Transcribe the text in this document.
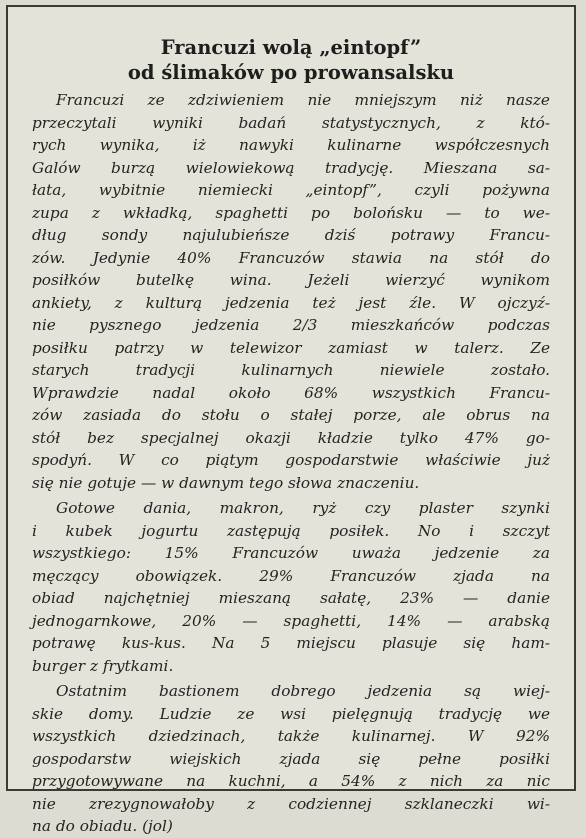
Francuzi wolą „eintopf”
od ślimaków po prowansalsku
Francuzi ze zdziwieniem nie mniejszym niż nasze
przeczytali wyniki badań statystycznych, z któ-
rych wynika, iż nawyki kulinarne współczesnych
Galów burzą wielowiekową tradycję. Mieszana sa-
łata, wybitnie niemiecki „eintopf”, czyli pożywna
zupa z wkładką, spaghetti po bolońsku — to we-
dług sondy najulubieńsze dziś potrawy Francu-
zów. Jedynie 40% Francuzów stawia na stół do
posiłków butelkę wina. Jeżeli wierzyć wynikom
ankiety, z kulturą jedzenia też jest źle. W ojczyź-
nie pysznego jedzenia 2/3 mieszkańców podczas
posiłku patrzy w telewizor zamiast w talerz. Ze
starych tradycji kulinarnych niewiele zostało.
Wprawdzie nadal około 68% wszystkich Francu-
zów zasiada do stołu o stałej porze, ale obrus na
stół bez specjalnej okazji kładzie tylko 47% go-
spodyń. W co piątym gospodarstwie właściwie już
się nie gotuje — w dawnym tego słowa znaczeniu.
Gotowe dania, makron, ryż czy plaster szynki
i kubek jogurtu zastępują posiłek. No i szczyt
wszystkiego: 15% Francuzów uważa jedzenie za
męczący obowiązek. 29% Francuzów zjada na
obiad najchętniej mieszaną sałatę, 23% — danie
jednogarnkowe, 20% — spaghetti, 14% — arabską
potrawę kus-kus. Na 5 miejscu plasuje się ham-
burger z frytkami.
Ostatnim bastionem dobrego jedzenia są wiej-
skie domy. Ludzie ze wsi pielęgnują tradycję we
wszystkich dziedzinach, także kulinarnej. W 92%
gospodarstw wiejskich zjada się pełne posiłki
przygotowywane na kuchni, a 54% z nich za nic
nie zrezygnowałoby z codziennej szklaneczki wi-
na do obiadu. (jol)
